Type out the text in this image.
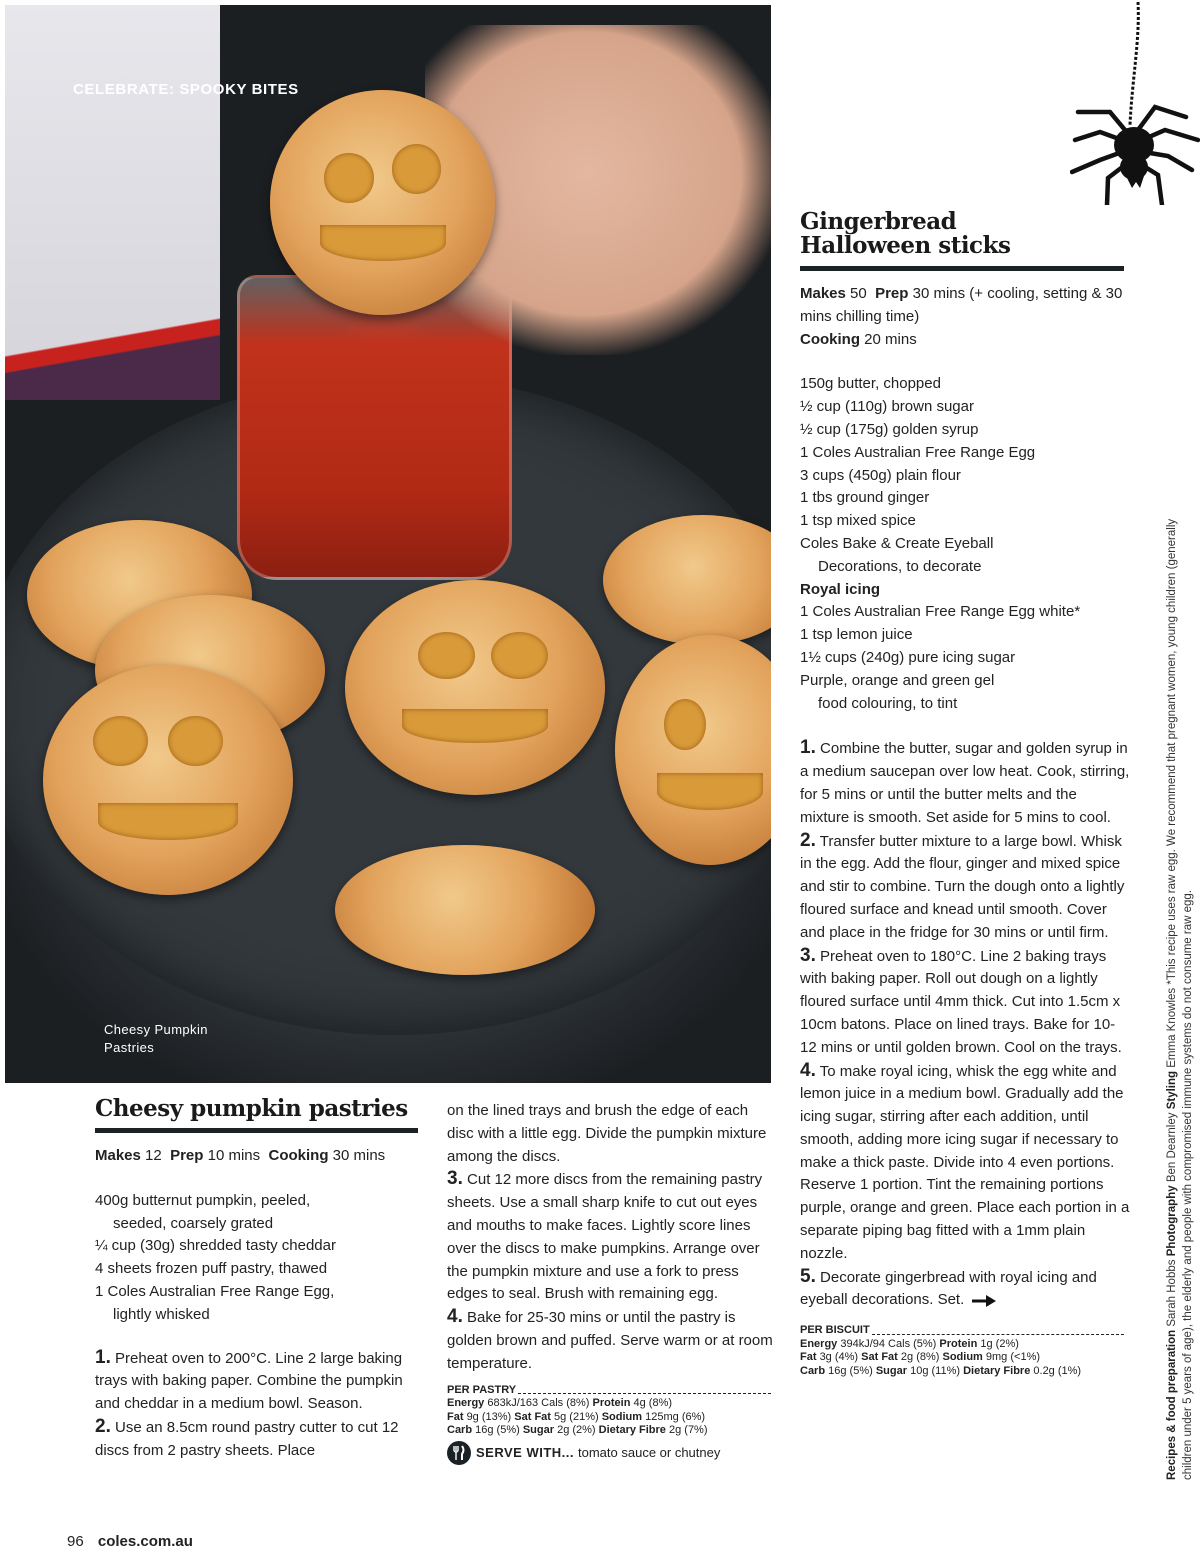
CELEBRATE: SPOOKY BITES
Cheesy Pumpkin
Pastries
Gingerbread
Halloween sticks
Makes 50 Prep 30 mins (+ cooling, setting & 30 mins chilling time)
Cooking 20 mins
150g butter, chopped
½ cup (110g) brown sugar
½ cup (175g) golden syrup
1 Coles Australian Free Range Egg
3 cups (450g) plain flour
1 tbs ground ginger
1 tsp mixed spice
Coles Bake & Create Eyeball
Decorations, to decorate
Royal icing
1 Coles Australian Free Range Egg white*
1 tsp lemon juice
1½ cups (240g) pure icing sugar
Purple, orange and green gel
food colouring, to tint
1. Combine the butter, sugar and golden syrup in a medium saucepan over low heat. Cook, stirring, for 5 mins or until the butter melts and the mixture is smooth. Set aside for 5 mins to cool.
2. Transfer butter mixture to a large bowl. Whisk in the egg. Add the flour, ginger and mixed spice and stir to combine. Turn the dough onto a lightly floured surface and knead until smooth. Cover and place in the fridge for 30 mins or until firm.
3. Preheat oven to 180°C. Line 2 baking trays with baking paper. Roll out dough on a lightly floured surface until 4mm thick. Cut into 1.5cm x 10cm batons. Place on lined trays. Bake for 10-12 mins or until golden brown. Cool on the trays.
4. To make royal icing, whisk the egg white and lemon juice in a medium bowl. Gradually add the icing sugar, stirring after each addition, until smooth, adding more icing sugar if necessary to make a thick paste. Divide into 4 even portions. Reserve 1 portion. Tint the remaining portions purple, orange and green. Place each portion in a separate piping bag fitted with a 1mm plain nozzle.
5. Decorate gingerbread with royal icing and eyeball decorations. Set.
PER BISCUIT
Energy 394kJ/94 Cals (5%) Protein 1g (2%)
Fat 3g (4%) Sat Fat 2g (8%) Sodium 9mg (<1%)
Carb 16g (5%) Sugar 10g (11%) Dietary Fibre 0.2g (1%)
Cheesy pumpkin pastries
Makes 12 Prep 10 mins Cooking 30 mins
400g butternut pumpkin, peeled,
seeded, coarsely grated
¼ cup (30g) shredded tasty cheddar
4 sheets frozen puff pastry, thawed
1 Coles Australian Free Range Egg,
lightly whisked
1. Preheat oven to 200°C. Line 2 large baking trays with baking paper. Combine the pumpkin and cheddar in a medium bowl. Season.
2. Use an 8.5cm round pastry cutter to cut 12 discs from 2 pastry sheets. Place
on the lined trays and brush the edge of each disc with a little egg. Divide the pumpkin mixture among the discs.
3. Cut 12 more discs from the remaining pastry sheets. Use a small sharp knife to cut out eyes and mouths to make faces. Lightly score lines over the discs to make pumpkins. Arrange over the pumpkin mixture and use a fork to press edges to seal. Brush with remaining egg.
4. Bake for 25-30 mins or until the pastry is golden brown and puffed. Serve warm or at room temperature.
PER PASTRY
Energy 683kJ/163 Cals (8%) Protein 4g (8%)
Fat 9g (13%) Sat Fat 5g (21%) Sodium 125mg (6%)
Carb 16g (5%) Sugar 2g (2%) Dietary Fibre 2g (7%)
SERVE WITH... tomato sauce or chutney	Recipes & food preparation Sarah Hobbs Photography Ben Dearnley Styling Emma Knowles *This recipe uses raw egg. We recommend that pregnant women, young children (generally children under 5 years of age), the elderly and people with compromised immune systems do not consume raw egg.
96 coles.com.au
